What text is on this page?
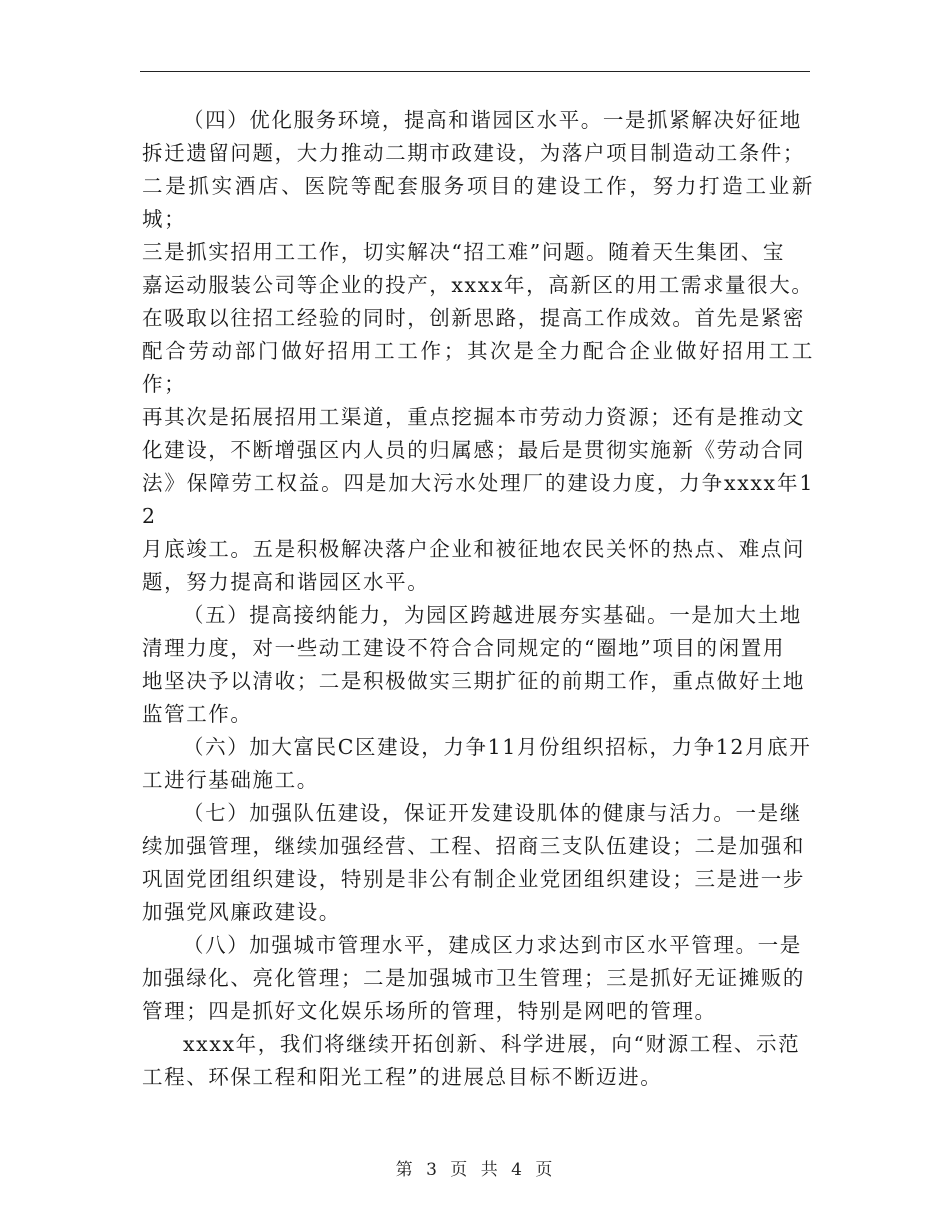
（四）优化服务环境，提高和谐园区水平。一是抓紧解决好征地
拆迁遗留问题，大力推动二期市政建设，为落户项目制造动工条件；
二是抓实酒店、医院等配套服务项目的建设工作，努力打造工业新城；
三是抓实招用工工作，切实解决“招工难”问题。随着天生集团、宝
嘉运动服装公司等企业的投产，xxxx年，高新区的用工需求量很大。
在吸取以往招工经验的同时，创新思路，提高工作成效。首先是紧密
配合劳动部门做好招用工工作；其次是全力配合企业做好招用工工作；
再其次是拓展招用工渠道，重点挖掘本市劳动力资源；还有是推动文
化建设，不断增强区内人员的归属感；最后是贯彻实施新《劳动合同
法》保障劳工权益。四是加大污水处理厂的建设力度，力争xxxx年12
月底竣工。五是积极解决落户企业和被征地农民关怀的热点、难点问
题，努力提高和谐园区水平。

（五）提高接纳能力，为园区跨越进展夯实基础。一是加大土地
清理力度，对一些动工建设不符合合同规定的“圈地”项目的闲置用
地坚决予以清收；二是积极做实三期扩征的前期工作，重点做好土地
监管工作。

（六）加大富民C区建设，力争11月份组织招标，力争12月底开
工进行基础施工。

（七）加强队伍建设，保证开发建设肌体的健康与活力。一是继
续加强管理，继续加强经营、工程、招商三支队伍建设；二是加强和
巩固党团组织建设，特别是非公有制企业党团组织建设；三是进一步
加强党风廉政建设。

（八）加强城市管理水平，建成区力求达到市区水平管理。一是
加强绿化、亮化管理；二是加强城市卫生管理；三是抓好无证摊贩的
管理；四是抓好文化娱乐场所的管理，特别是网吧的管理。

xxxx年，我们将继续开拓创新、科学进展，向“财源工程、示范
工程、环保工程和阳光工程”的进展总目标不断迈进。

第 3 页 共 4 页
